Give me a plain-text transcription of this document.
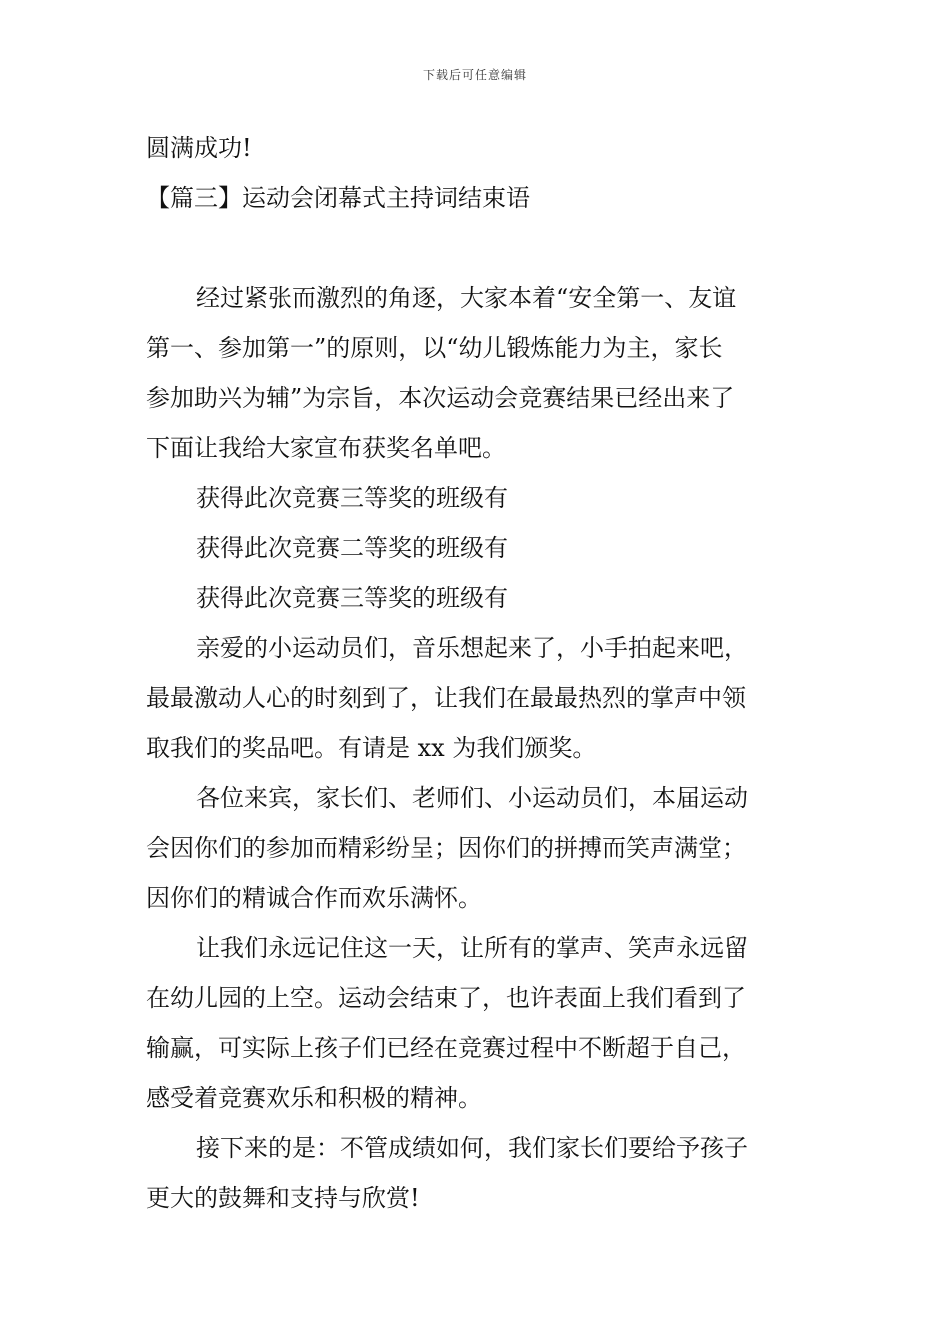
下载后可任意编辑
圆满成功!
【篇三】运动会闭幕式主持词结束语
经过紧张而激烈的角逐，大家本着“安全第一、友谊
第一、参加第一”的原则，以“幼儿锻炼能力为主，家长
参加助兴为辅”为宗旨，本次运动会竞赛结果已经出来了
下面让我给大家宣布获奖名单吧。
获得此次竞赛三等奖的班级有
获得此次竞赛二等奖的班级有
获得此次竞赛三等奖的班级有
亲爱的小运动员们，音乐想起来了，小手拍起来吧，
最最激动人心的时刻到了，让我们在最最热烈的掌声中领
取我们的奖品吧。有请是 xx 为我们颁奖。
各位来宾，家长们、老师们、小运动员们，本届运动
会因你们的参加而精彩纷呈；因你们的拼搏而笑声满堂；
因你们的精诚合作而欢乐满怀。
让我们永远记住这一天，让所有的掌声、笑声永远留
在幼儿园的上空。运动会结束了，也许表面上我们看到了
输赢，可实际上孩子们已经在竞赛过程中不断超于自己，
感受着竞赛欢乐和积极的精神。
接下来的是：不管成绩如何，我们家长们要给予孩子
更大的鼓舞和支持与欣赏!
